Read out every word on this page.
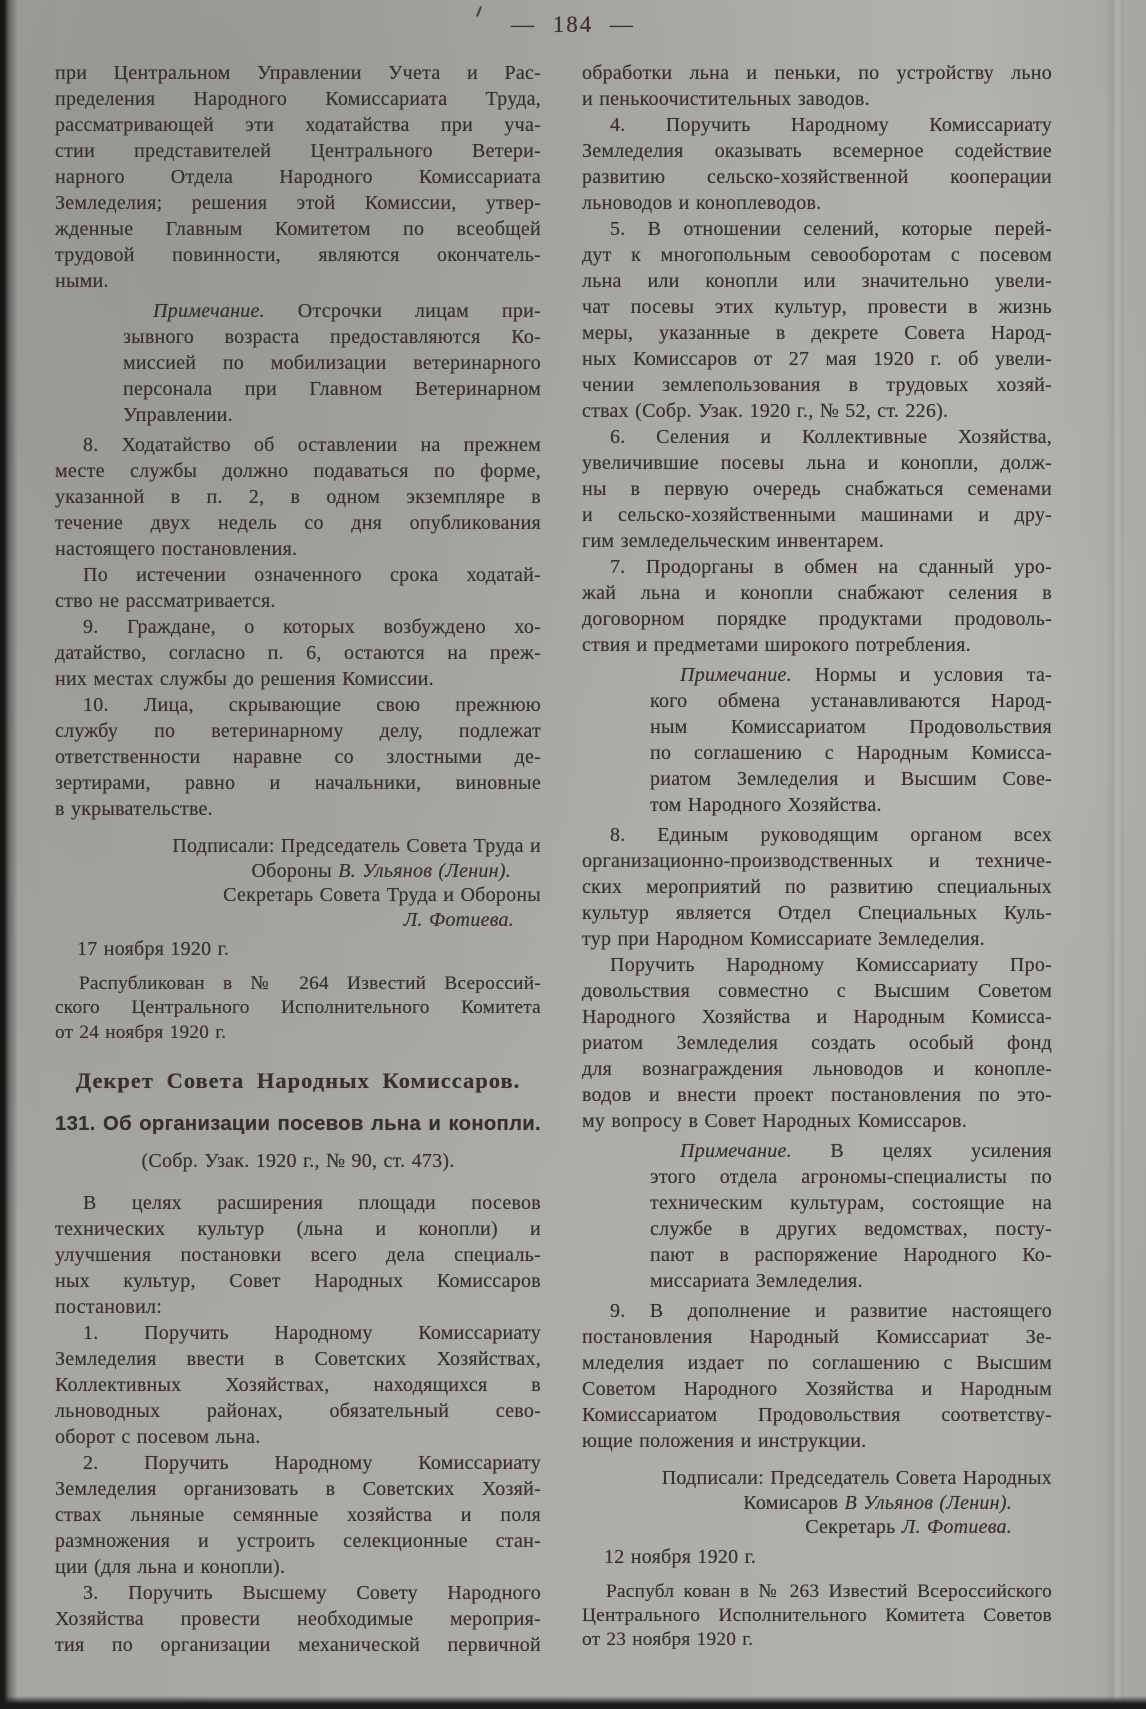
— 184 —
при Центральном Управлении Учета и Рас-
пределения Народного Комиссариата Труда,
рассматривающей эти ходатайства при уча-
стии представителей Центрального Ветери-
нарного Отдела Народного Комиссариата
Земледелия; решения этой Комиссии, утвер-
жденные Главным Комитетом по всеобщей
трудовой повинности, являются окончатель-
ными.
Примечание. Отсрочки лицам при-
зывного возраста предоставляются Ко-
миссией по мобилизации ветеринарного
персонала при Главном Ветеринарном
Управлении.
8. Ходатайство об оставлении на прежнем
месте службы должно подаваться по форме,
указанной в п. 2, в одном экземпляре в
течение двух недель со дня опубликования
настоящего постановления.
По истечении означенного срока ходатай-
ство не рассматривается.
9. Граждане, о которых возбуждено хо-
датайство, согласно п. 6, остаются на преж-
них местах службы до решения Комиссии.
10. Лица, скрывающие свою прежнюю
службу по ветеринарному делу, подлежат
ответственности наравне со злостными де-
зертирами, равно и начальники, виновные
в укрывательстве.
Подписали: Председатель Совета Труда и
Обороны В. Ульянов (Ленин).
Секретарь Совета Труда и Обороны
Л. Фотиева.
17 ноября 1920 г.
Распубликован в № 264 Известий Всероссий-
ского Центрального Исполнительного Комитета
от 24 ноября 1920 г.
Декрет Совета Народных Комиссаров.
131. Об организации посевов льна и конопли.
(Собр. Узак. 1920 г., № 90, ст. 473).
В целях расширения площади посевов
технических культур (льна и конопли) и
улучшения постановки всего дела специаль-
ных культур, Совет Народных Комиссаров
постановил:
1. Поручить Народному Комиссариату
Земледелия ввести в Советских Хозяйствах,
Коллективных Хозяйствах, находящихся в
льноводных районах, обязательный сево-
оборот с посевом льна.
2. Поручить Народному Комиссариату
Земледелия организовать в Советских Хозяй-
ствах льняные семянные хозяйства и поля
размножения и устроить селекционные стан-
ции (для льна и конопли).
3. Поручить Высшему Совету Народного
Хозяйства провести необходимые мероприя-
тия по организации механической первичной
обработки льна и пеньки, по устройству льно
и пенькоочистительных заводов.
4. Поручить Народному Комиссариату
Земледелия оказывать всемерное содействие
развитию сельско-хозяйственной кооперации
льноводов и коноплеводов.
5. В отношении селений, которые перей-
дут к многопольным севооборотам с посевом
льна или конопли или значительно увели-
чат посевы этих культур, провести в жизнь
меры, указанные в декрете Совета Народ-
ных Комиссаров от 27 мая 1920 г. об увели-
чении землепользования в трудовых хозяй-
ствах (Собр. Узак. 1920 г., № 52, ст. 226).
6. Селения и Коллективные Хозяйства,
увеличившие посевы льна и конопли, долж-
ны в первую очередь снабжаться семенами
и сельско-хозяйственными машинами и дру-
гим земледельческим инвентарем.
7. Продорганы в обмен на сданный уро-
жай льна и конопли снабжают селения в
договорном порядке продуктами продоволь-
ствия и предметами широкого потребления.
Примечание. Нормы и условия та-
кого обмена устанавливаются Народ-
ным Комиссариатом Продовольствия
по соглашению с Народным Комисса-
риатом Земледелия и Высшим Сове-
том Народного Хозяйства.
8. Единым руководящим органом всех
организационно-производственных и техниче-
ских мероприятий по развитию специальных
культур является Отдел Специальных Куль-
тур при Народном Комиссариате Земледелия.
Поручить Народному Комиссариату Про-
довольствия совместно с Высшим Советом
Народного Хозяйства и Народным Комисса-
риатом Земледелия создать особый фонд
для вознаграждения льноводов и конопле-
водов и внести проект постановления по это-
му вопросу в Совет Народных Комиссаров.
Примечание. В целях усиления
этого отдела агрономы-специалисты по
техническим культурам, состоящие на
службе в других ведомствах, посту-
пают в распоряжение Народного Ко-
миссариата Земледелия.
9. В дополнение и развитие настоящего
постановления Народный Комиссариат Зе-
мледелия издает по соглашению с Высшим
Советом Народного Хозяйства и Народным
Комиссариатом Продовольствия соответству-
ющие положения и инструкции.
Подписали: Председатель Совета Народных
Комисаров В Ульянов (Ленин).
Секретарь Л. Фотиева.
12 ноября 1920 г.
Распубл кован в № 263 Известий Всероссийского
Центрального Исполнительного Комитета Советов
от 23 ноября 1920 г.
